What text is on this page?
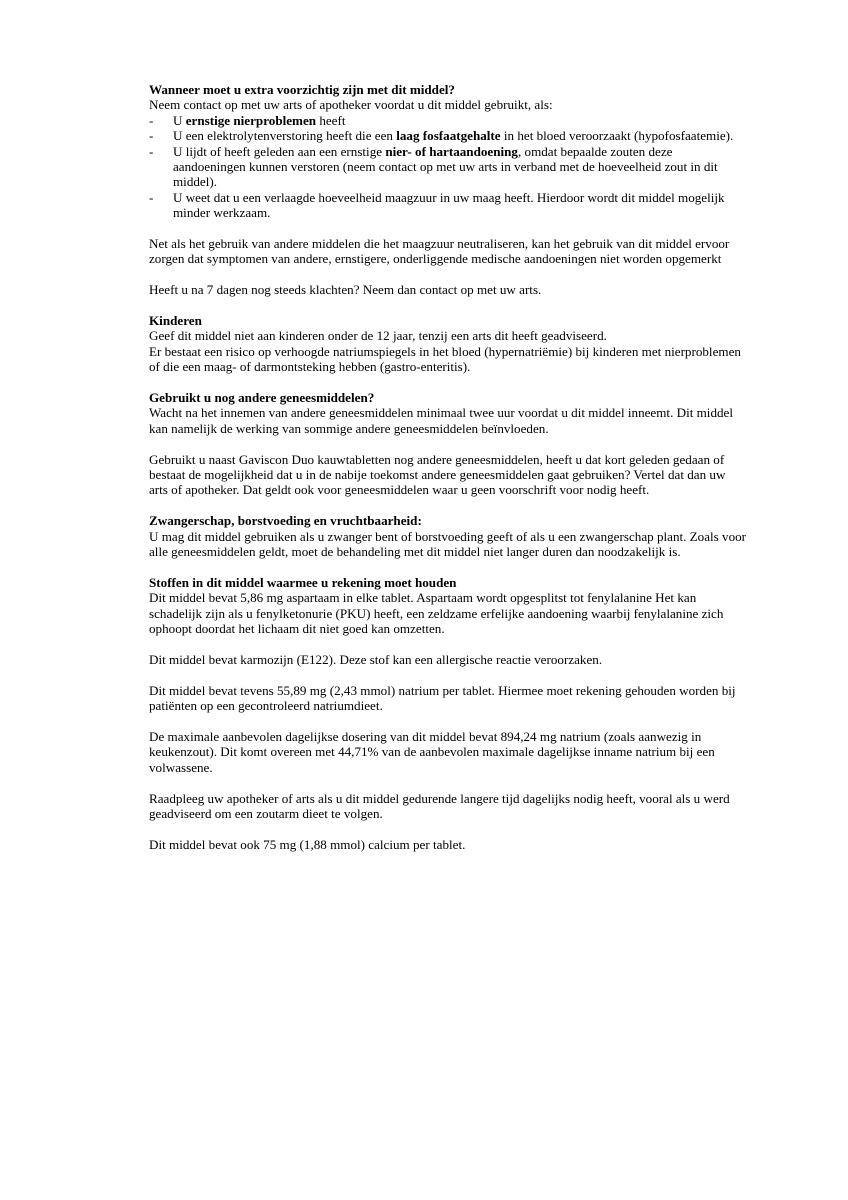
Wanneer moet u extra voorzichtig zijn met dit middel?

Neem contact op met uw arts of apotheker voordat u dit middel gebruikt, als:

-	U ernstige nierproblemen heeft
-	U een elektrolytenverstoring heeft die een laag fosfaatgehalte in het bloed veroorzaakt (hypofosfaatemie).
-	U lijdt of heeft geleden aan een ernstige nier- of hartaandoening, omdat bepaalde zouten deze aandoeningen kunnen verstoren (neem contact op met uw arts in verband met de hoeveelheid zout in dit middel).
-	U weet dat u een verlaagde hoeveelheid maagzuur in uw maag heeft. Hierdoor wordt dit middel mogelijk minder werkzaam.

Net als het gebruik van andere middelen die het maagzuur neutraliseren, kan het gebruik van dit middel ervoor zorgen dat symptomen van andere, ernstigere, onderliggende medische aandoeningen niet worden opgemerkt

Heeft u na 7 dagen nog steeds klachten? Neem dan contact op met uw arts.

Kinderen

Geef dit middel niet aan kinderen onder de 12 jaar, tenzij een arts dit heeft geadviseerd.

Er bestaat een risico op verhoogde natriumspiegels in het bloed (hypernatriëmie) bij kinderen met nierproblemen of die een maag- of darmontsteking hebben (gastro-enteritis).

Gebruikt u nog andere geneesmiddelen?

Wacht na het innemen van andere geneesmiddelen minimaal twee uur voordat u dit middel inneemt. Dit middel kan namelijk de werking van sommige andere geneesmiddelen beïnvloeden.

Gebruikt u naast Gaviscon Duo kauwtabletten nog andere geneesmiddelen, heeft u dat kort geleden gedaan of bestaat de mogelijkheid dat u in de nabije toekomst andere geneesmiddelen gaat gebruiken? Vertel dat dan uw arts of apotheker. Dat geldt ook voor geneesmiddelen waar u geen voorschrift voor nodig heeft.

Zwangerschap, borstvoeding en vruchtbaarheid:

U mag dit middel gebruiken als u zwanger bent of borstvoeding geeft of als u een zwangerschap plant. Zoals voor alle geneesmiddelen geldt, moet de behandeling met dit middel niet langer duren dan noodzakelijk is.

Stoffen in dit middel waarmee u rekening moet houden

Dit middel bevat 5,86 mg aspartaam in elke tablet. Aspartaam wordt opgesplitst tot fenylalanine Het kan schadelijk zijn als u fenylketonurie (PKU) heeft, een zeldzame erfelijke aandoening waarbij fenylalanine zich ophoopt doordat het lichaam dit niet goed kan omzetten.

Dit middel bevat karmozijn (E122). Deze stof kan een allergische reactie veroorzaken.

Dit middel bevat tevens 55,89 mg (2,43 mmol) natrium per tablet. Hiermee moet rekening gehouden worden bij patiënten op een gecontroleerd natriumdieet.

De maximale aanbevolen dagelijkse dosering van dit middel bevat 894,24 mg natrium (zoals aanwezig in keukenzout). Dit komt overeen met 44,71% van de aanbevolen maximale dagelijkse inname natrium bij een volwassene.

Raadpleeg uw apotheker of arts als u dit middel gedurende langere tijd dagelijks nodig heeft, vooral als u werd geadviseerd om een zoutarm dieet te volgen.

Dit middel bevat ook 75 mg (1,88 mmol) calcium per tablet.
